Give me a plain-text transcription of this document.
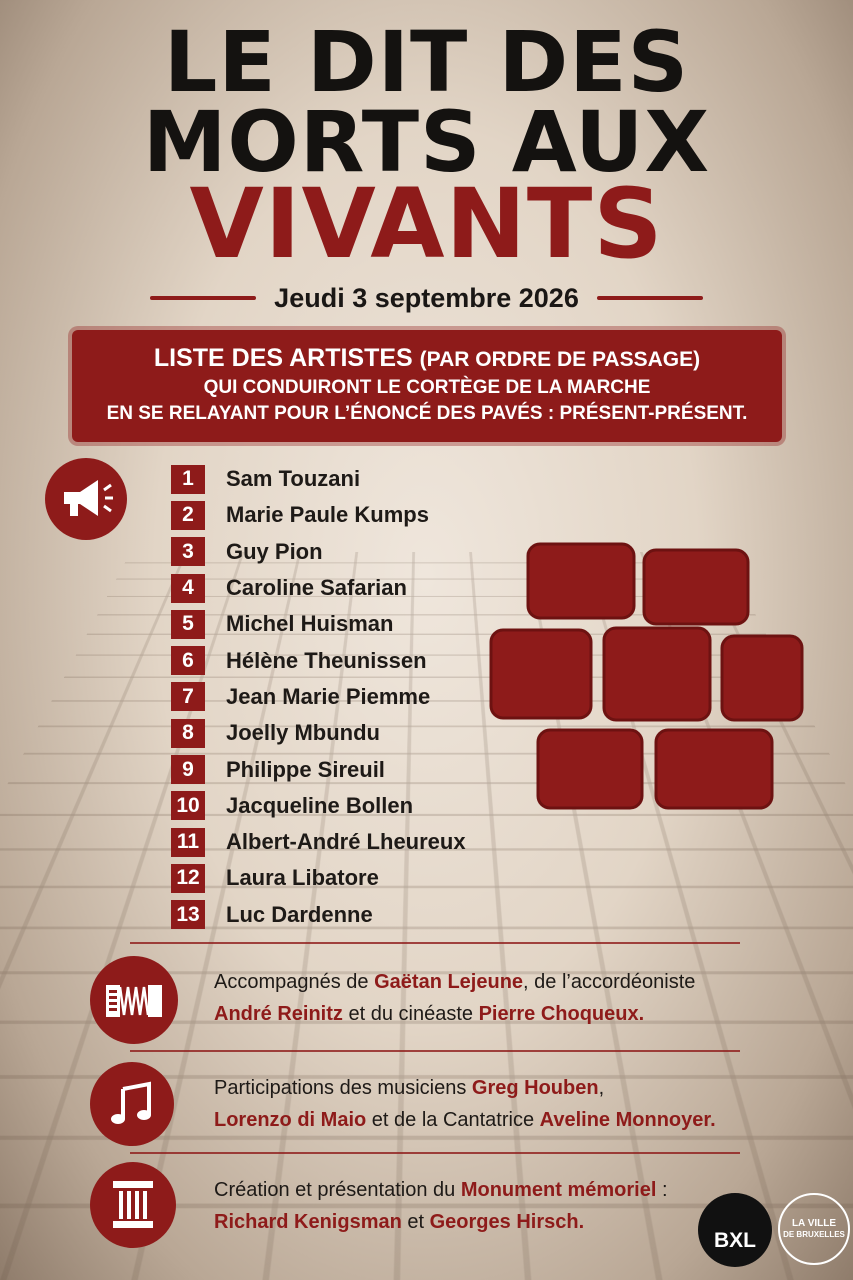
LE DIT DES
MORTS AUX
VIVANTS
Jeudi 3 septembre 2026
LISTE DES ARTISTES (PAR ORDRE DE PASSAGE)
QUI CONDUIRONT LE CORTÈGE DE LA MARCHE
EN SE RELAYANT POUR L’ÉNONCÉ DES PAVÉS : PRÉSENT-PRÉSENT.
1	Sam Touzani
2	Marie Paule Kumps
3	Guy Pion
4	Caroline Safarian
5	Michel Huisman
6	Hélène Theunissen
7	Jean Marie Piemme
8	Joelly Mbundu
9	Philippe Sireuil
10 Jacqueline Bollen
11 Albert-André Lheureux
12 Laura Libatore
13 Luc Dardenne
Accompagnés de Gaëtan Lejeune, de l’accordéoniste
André Reinitz et du cinéaste Pierre Choqueux.
Participations des musiciens Greg Houben,
Lorenzo di Maio et de la Cantatrice Aveline Monnoyer.
Création et présentation du Monument mémoriel :
Richard Kenigsman et Georges Hirsch.
BXL
LA VILLE
DE BRUXELLES
